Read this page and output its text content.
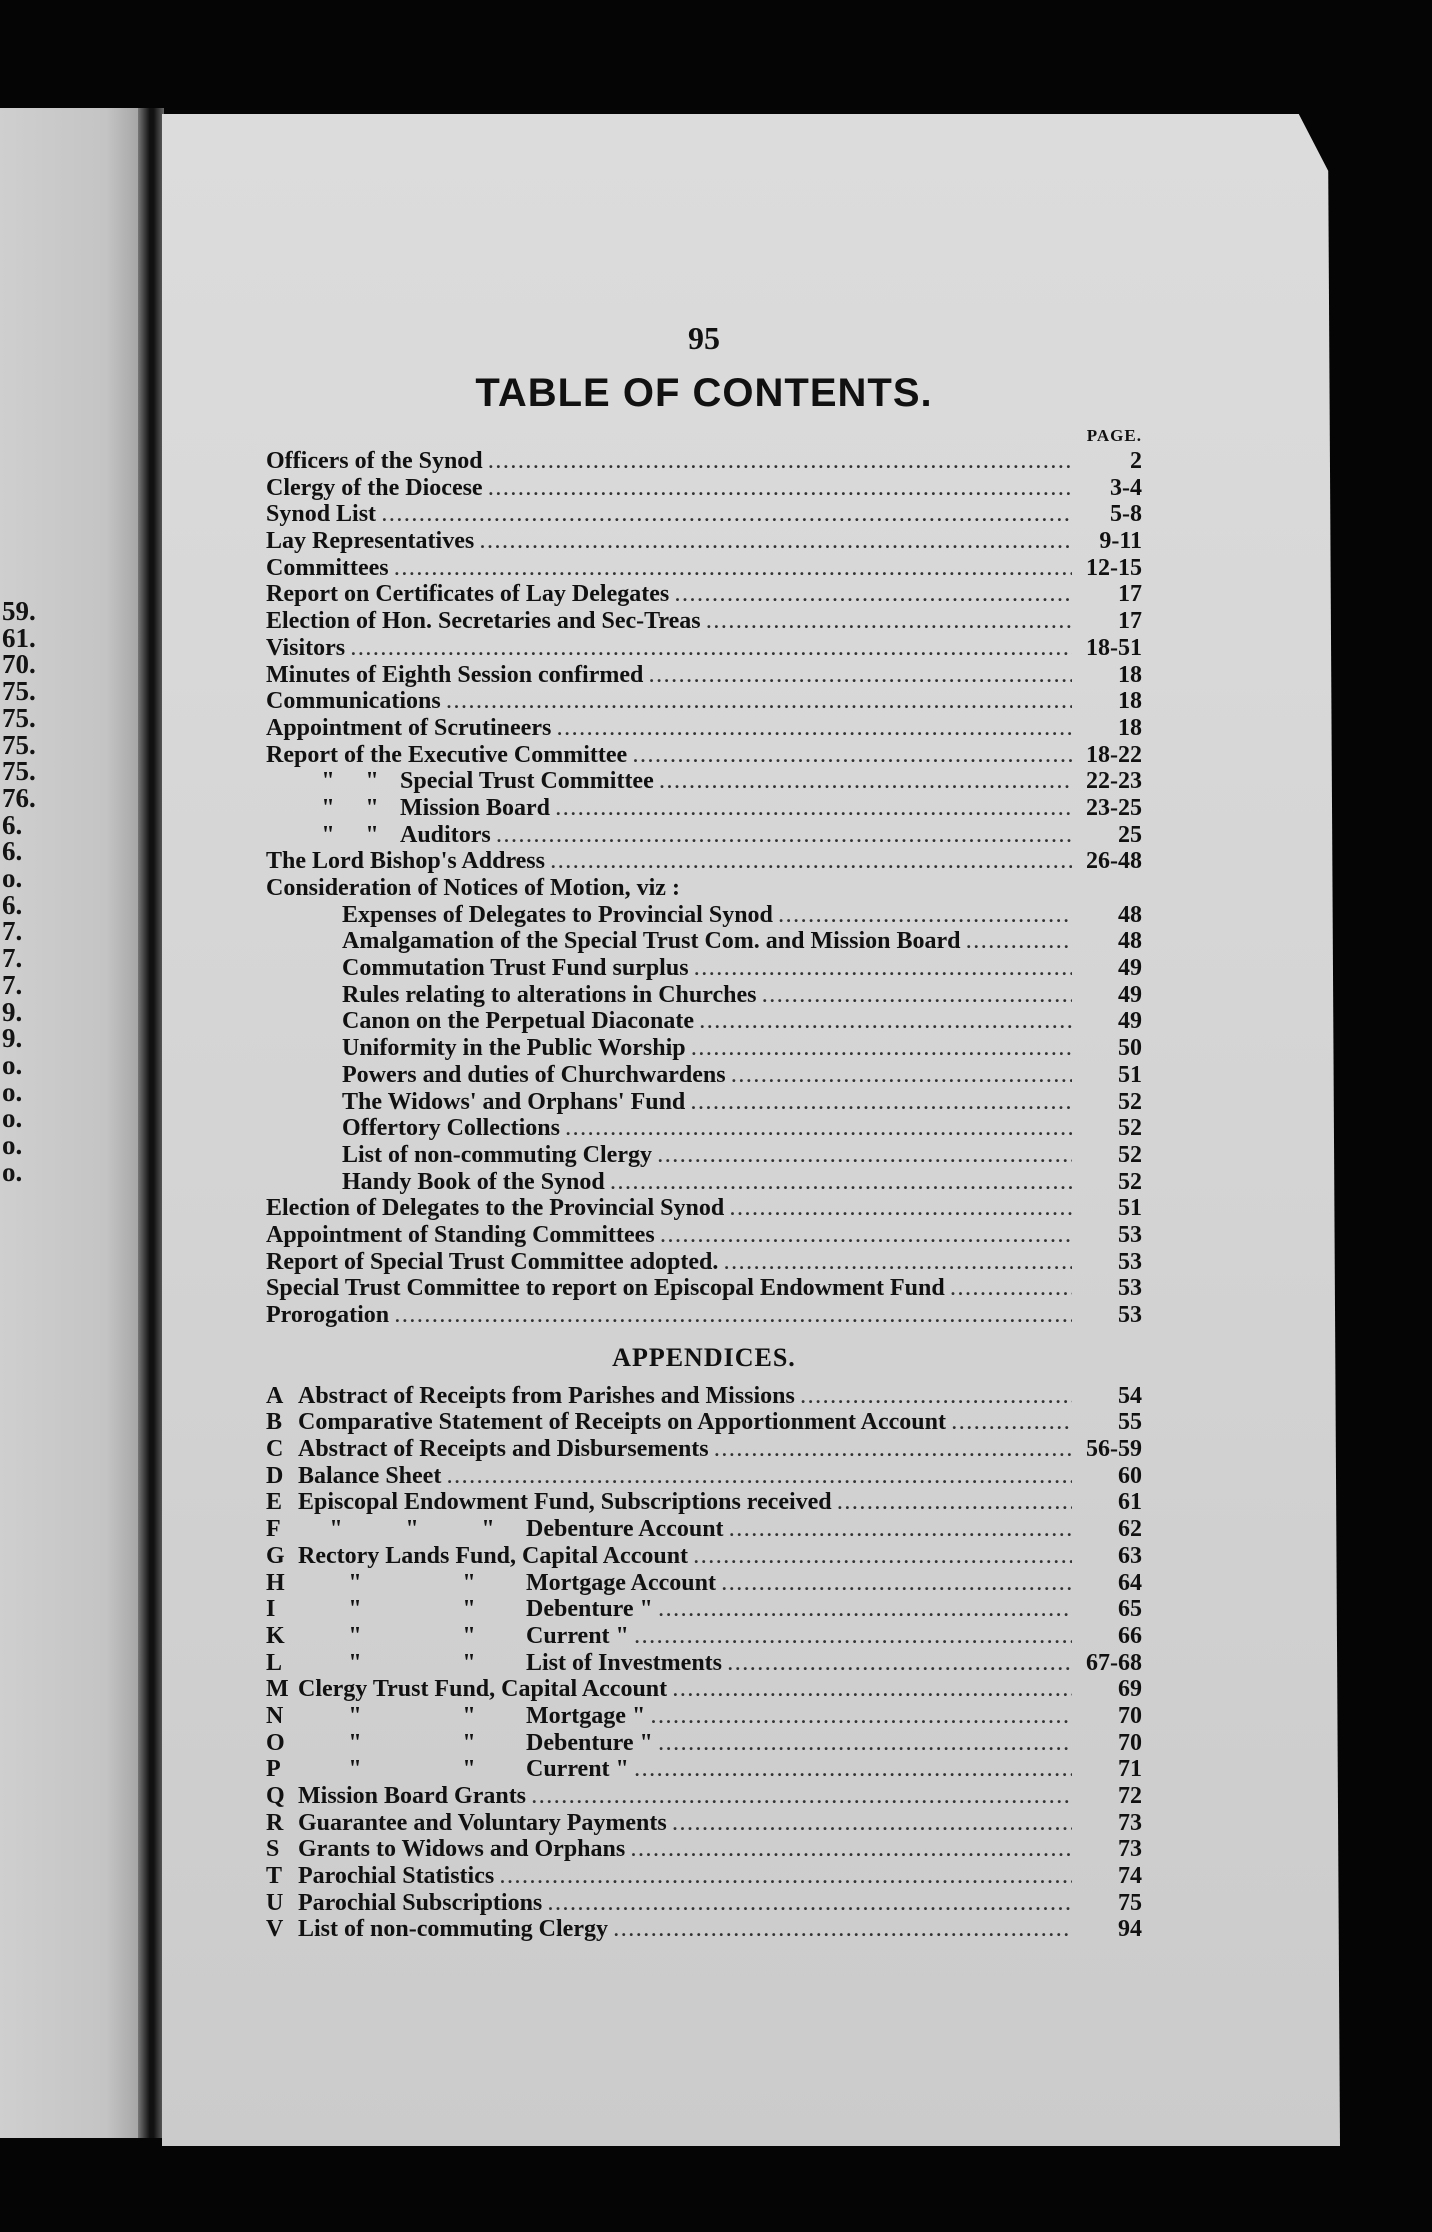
59.
61.
70.
75.
75.
75.
75.
76.
6.
6.
o.
6.
7.
7.
7.
9.
9.
o.
o.
o.
o.
o.
95
TABLE OF CONTENTS.
PAGE.
Officers of the Synod .....	2
Clergy of the Diocese .....	3-4
Synod List .....	5-8
Lay Representatives .....	9-11
Committees .....	12-15
Report on Certificates of Lay Delegates .....	17
Election of Hon. Secretaries and Sec-Treas .....	17
Visitors .....	18-51
Minutes of Eighth Session confirmed .....	18
Communications .....	18
Appointment of Scrutineers .....	18
Report of the Executive Committee .....	18-22
" " Special Trust Committee .....	22-23
" " Mission Board .....	23-25
" " Auditors .....	25
The Lord Bishop's Address .....	26-48
Consideration of Notices of Motion, viz :
Expenses of Delegates to Provincial Synod .....	48
Amalgamation of the Special Trust Com. and Mission Board .....	48
Commutation Trust Fund surplus .....	49
Rules relating to alterations in Churches .....	49
Canon on the Perpetual Diaconate .....	49
Uniformity in the Public Worship .....	50
Powers and duties of Churchwardens .....	51
The Widows' and Orphans' Fund .....	52
Offertory Collections .....	52
List of non-commuting Clergy .....	52
Handy Book of the Synod .....	52
Election of Delegates to the Provincial Synod .....	51
Appointment of Standing Committees .....	53
Report of Special Trust Committee adopted. .....	53
Special Trust Committee to report on Episcopal Endowment Fund .....	53
Prorogation .....	53
APPENDICES.
A Abstract of Receipts from Parishes and Missions .....	54
B Comparative Statement of Receipts on Apportionment Account .....	55
C Abstract of Receipts and Disbursements .....	56-59
D Balance Sheet .....	60
E Episcopal Endowment Fund, Subscriptions received .....	61
F "	"	" Debenture Account .....	62
G Rectory Lands Fund, Capital Account .....	63
H	"	" Mortgage Account .....	64
I	"	" Debenture " .....	65
K	"	" Current " .....	66
L	"	" List of Investments .....	67-68
M Clergy Trust Fund, Capital Account .....	69
N	"	" Mortgage " .....	70
O	"	" Debenture " .....	70
P	"	" Current " .....	71
Q Mission Board Grants .....	72
R Guarantee and Voluntary Payments .....	73
S Grants to Widows and Orphans .....	73
T Parochial Statistics .....	74
U Parochial Subscriptions .....	75
V List of non-commuting Clergy .....	94
